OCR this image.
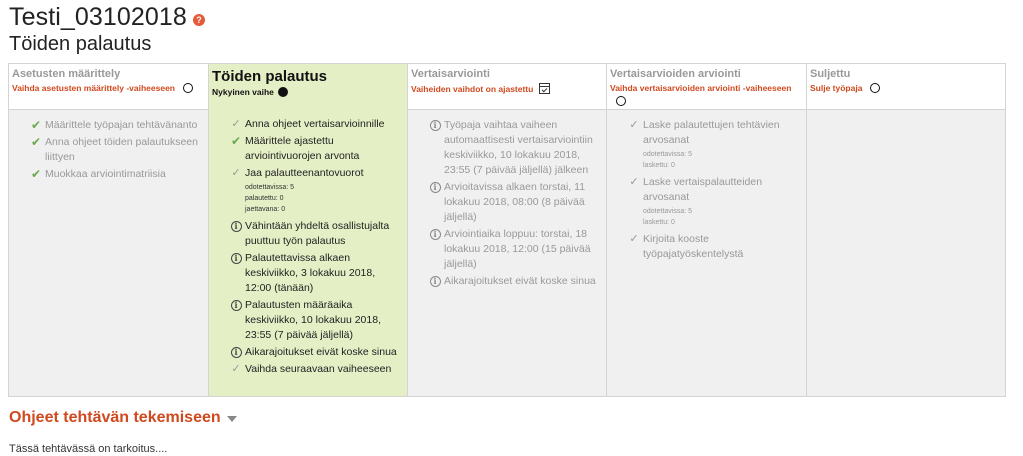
Testi_03102018	?
Töiden palautus
Asetusten määrittely
Vaihda asetusten määrittely -vaiheeseen
✔ Määrittele työpajan tehtävänanto
✔ Anna ohjeet töiden palautukseen liittyen
✔ Muokkaa arviointimatriisia
Töiden palautus
Nykyinen vaihe
✓ Anna ohjeet vertaisarvioinnille
✔ Määrittele ajastettu arviointivuorojen arvonta
✓ Jaa palautteenantovuorot
odotettavissa: 5
palautettu: 0
jaettavana: 0
i Vähintään yhdeltä osallistujalta puuttuu työn palautus
i Palautettavissa alkaen keskiviikko, 3 lokakuu 2018, 12:00 (tänään)
i Palautusten määräaika keskiviikko, 10 lokakuu 2018, 23:55 (7 päivää jäljellä)
i Aikarajoitukset eivät koske sinua
✓ Vaihda seuraavaan vaiheeseen
Vertaisarviointi
Vaiheiden vaihdot on ajastettu
i Työpaja vaihtaa vaiheen automaattisesti vertaisarviointiin keskiviikko, 10 lokakuu 2018, 23:55 (7 päivää jäljellä) jälkeen
i Arvioitavissa alkaen torstai, 11 lokakuu 2018, 08:00 (8 päivää jäljellä)
i Arviointiaika loppuu: torstai, 18 lokakuu 2018, 12:00 (15 päivää jäljellä)
i Aikarajoitukset eivät koske sinua
Vertaisarvioiden arviointi
Vaihda vertaisarvioiden arviointi -vaiheeseen
✓ Laske palautettujen tehtävien arvosanat
odotettavissa: 5
laskettu: 0
✓ Laske vertaispalautteiden arvosanat
odotettavissa: 5
laskettu: 0
✓ Kirjoita kooste työpajatyöskentelystä
Suljettu
Sulje työpaja
Ohjeet tehtävän tekemiseen
Tässä tehtävässä on tarkoitus....
